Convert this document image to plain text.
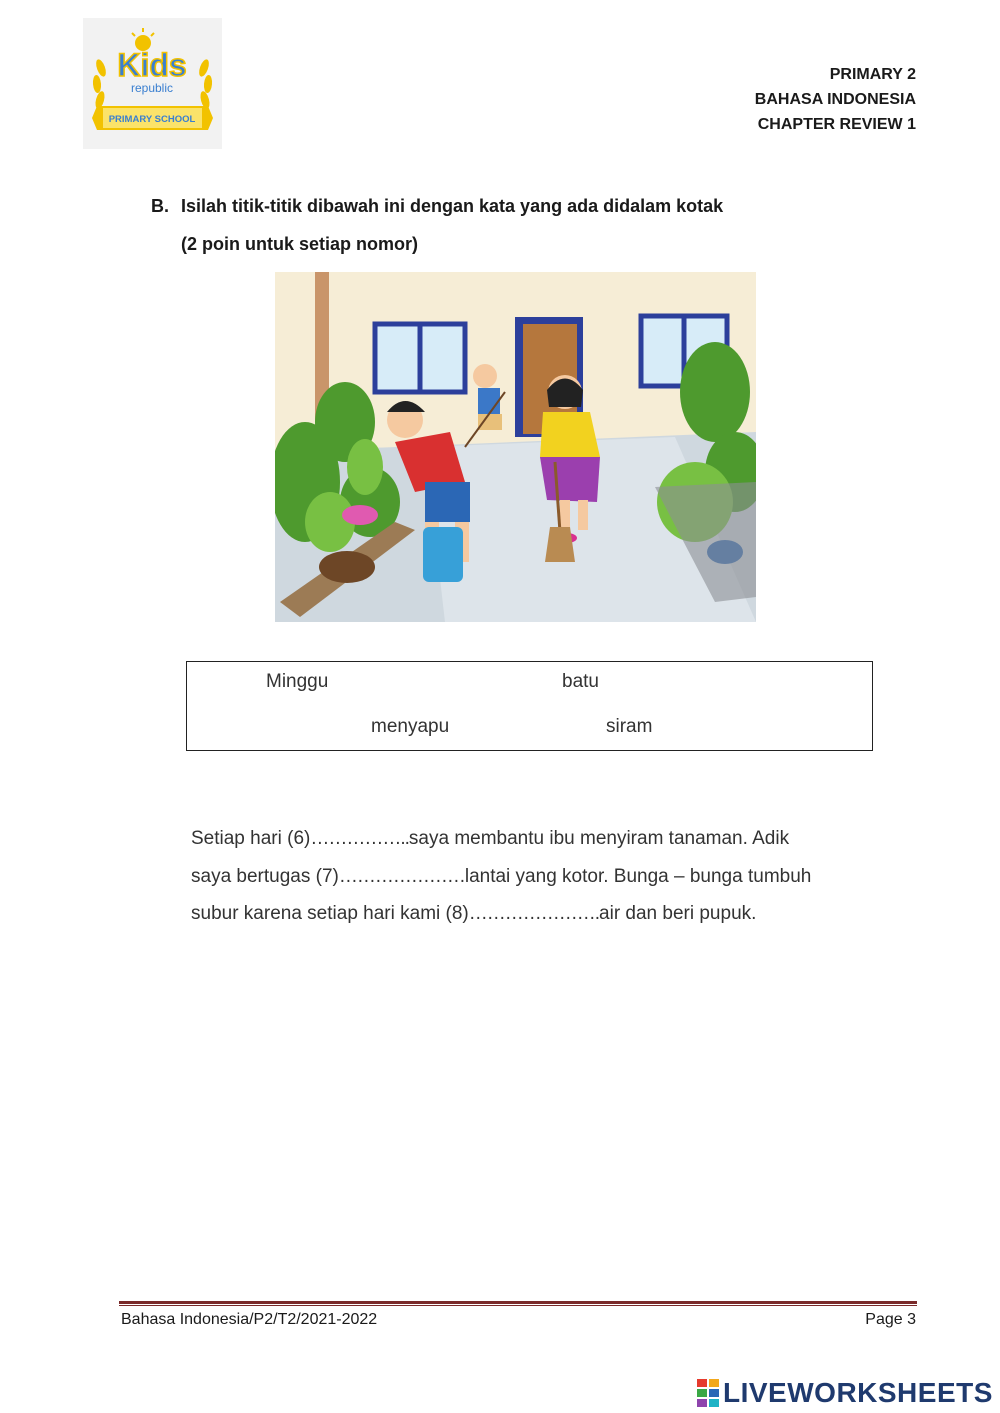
Kids
republic
PRIMARY SCHOOL
PRIMARY 2
BAHASA INDONESIA
CHAPTER REVIEW 1
B. Isilah titik-titik dibawah ini dengan kata yang ada didalam kotak
(2 poin untuk setiap nomor)
Minggu	batu
menyapu	siram
Setiap hari (6)……………..saya membantu ibu menyiram tanaman. Adik
saya bertugas (7)…………………lantai yang kotor. Bunga – bunga tumbuh
subur karena setiap hari kami (8)………………….air dan beri pupuk.
Bahasa Indonesia/P2/T2/2021-2022	Page 3
LIVEWORKSHEETS
